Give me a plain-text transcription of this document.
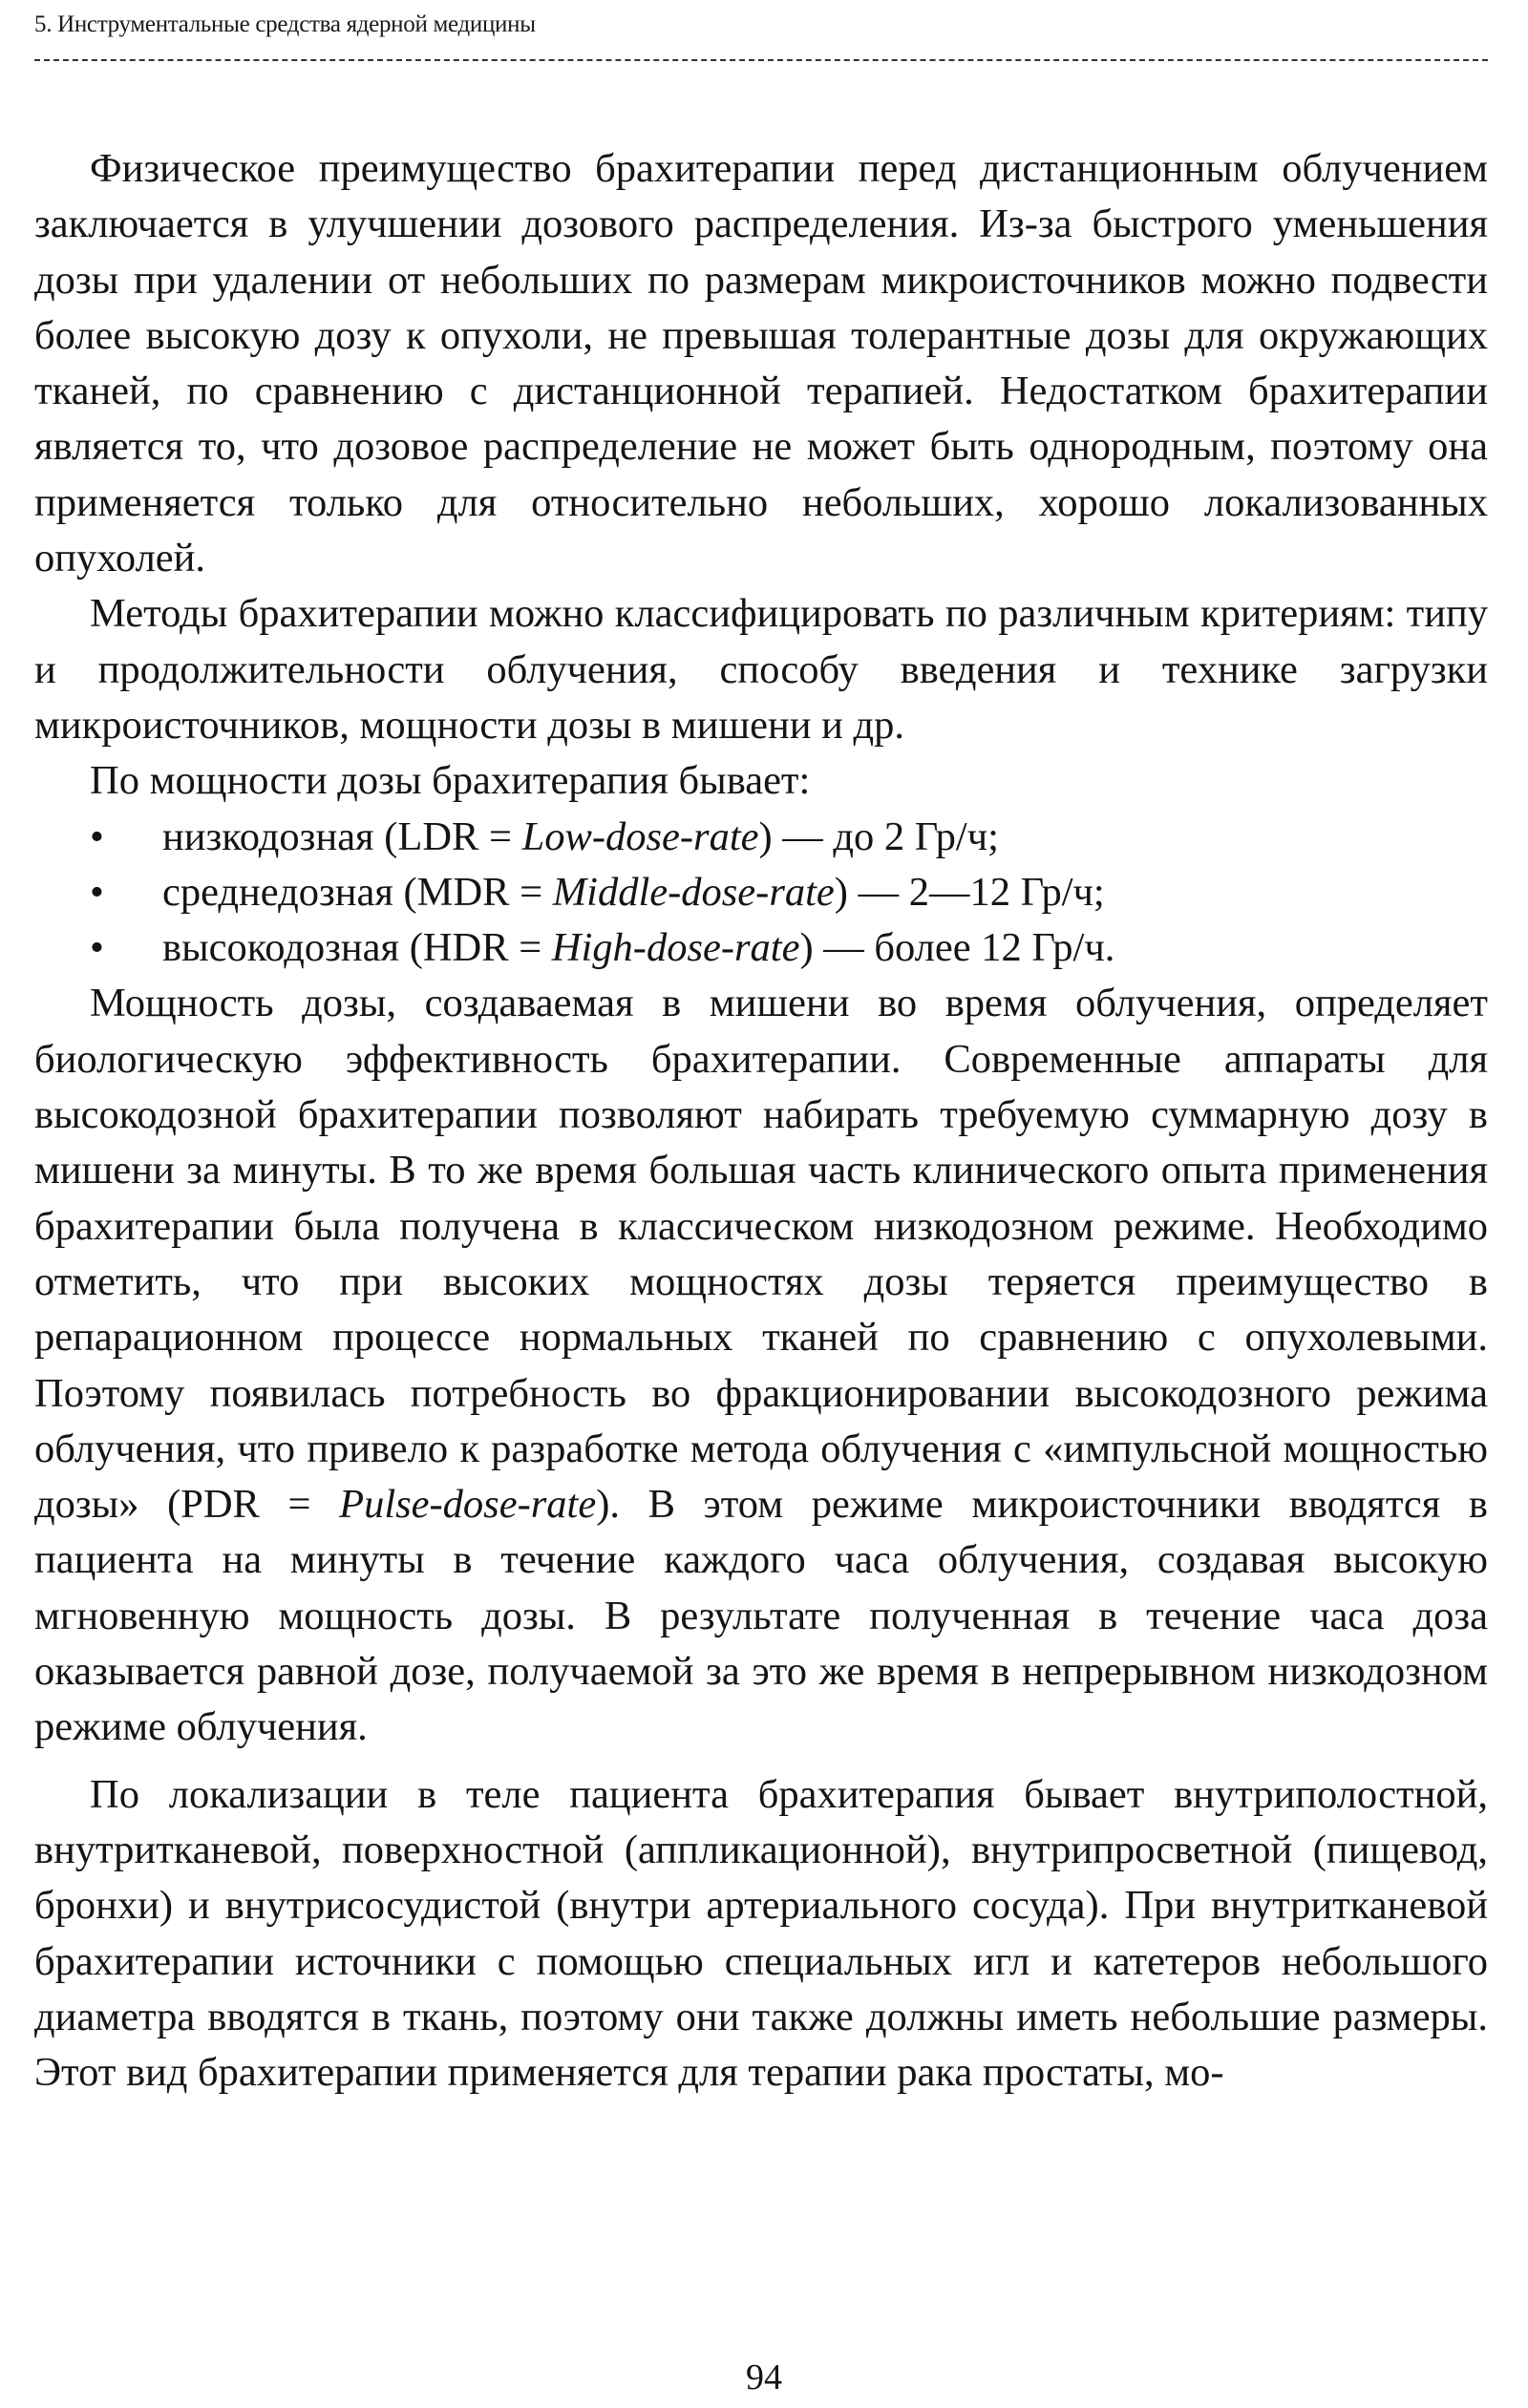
5. Инструментальные средства ядерной медицины

Физическое преимущество брахитерапии перед дистанционным облучением заключается в улучшении дозового распределения. Из-за быстрого уменьшения дозы при удалении от небольших по размерам микроисточников можно подвести более высокую дозу к опухоли, не превышая толерантные дозы для окружающих тканей, по сравнению с дистанционной терапией. Недостатком брахитерапии является то, что дозовое распределение не может быть однородным, поэтому она применяется только для относительно небольших, хорошо локализованных опухолей.

Методы брахитерапии можно классифицировать по различным критериям: типу и продолжительности облучения, способу введения и технике загрузки микроисточников, мощности дозы в мишени и др.

По мощности дозы брахитерапия бывает:

•	низкодозная (LDR = Low-dose-rate) — до 2 Гр/ч;
•	среднедозная (MDR = Middle-dose-rate) — 2—12 Гр/ч;
•	высокодозная (HDR = High-dose-rate) — более 12 Гр/ч.

Мощность дозы, создаваемая в мишени во время облучения, определяет биологическую эффективность брахитерапии. Современные аппараты для высокодозной брахитерапии позволяют набирать требуемую суммарную дозу в мишени за минуты. В то же время большая часть клинического опыта применения брахитерапии была получена в классическом низкодозном режиме. Необходимо отметить, что при высоких мощностях дозы теряется преимущество в репарационном процессе нормальных тканей по сравнению с опухолевыми. Поэтому появилась потребность во фракционировании высокодозного режима облучения, что привело к разработке метода облучения с «импульсной мощностью дозы» (PDR = Pulse-dose-rate). В этом режиме микроисточники вводятся в пациента на минуты в течение каждого часа облучения, создавая высокую мгновенную мощность дозы. В результате полученная в течение часа доза оказывается равной дозе, получаемой за это же время в непрерывном низкодозном режиме облучения.

По локализации в теле пациента брахитерапия бывает внутриполостной, внутритканевой, поверхностной (аппликационной), внутрипросветной (пищевод, бронхи) и внутрисосудистой (внутри артериального сосуда). При внутритканевой брахитерапии источники с помощью специальных игл и катетеров небольшого диаметра вводятся в ткань, поэтому они также должны иметь небольшие размеры. Этот вид брахитерапии применяется для терапии рака простаты, мо-

94
